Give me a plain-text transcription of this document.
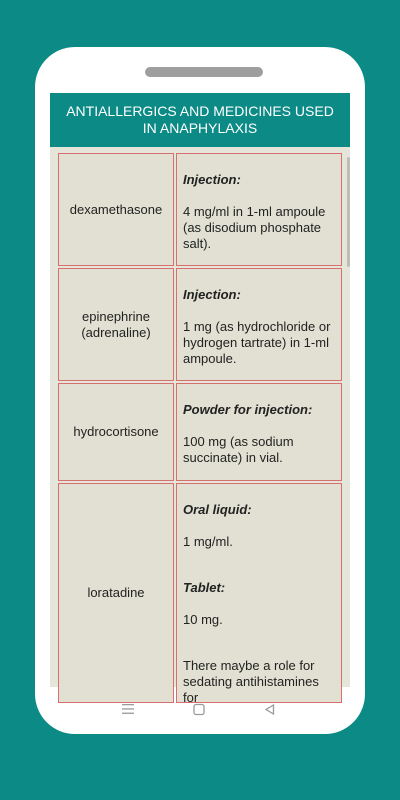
ANTIALLERGICS AND MEDICINES USED IN ANAPHYLAXIS
dexamethasone
Injection:
4 mg/ml in 1-ml ampoule (as disodium phosphate salt).
epinephrine (adrenaline)
Injection:
1 mg (as hydrochloride or hydrogen tartrate) in 1-ml ampoule.
hydrocortisone
Powder for injection:
100 mg (as sodium succinate) in vial.
loratadine
Oral liquid:
1 mg/ml.
Tablet:
10 mg.
There maybe a role for sedating antihistamines for
